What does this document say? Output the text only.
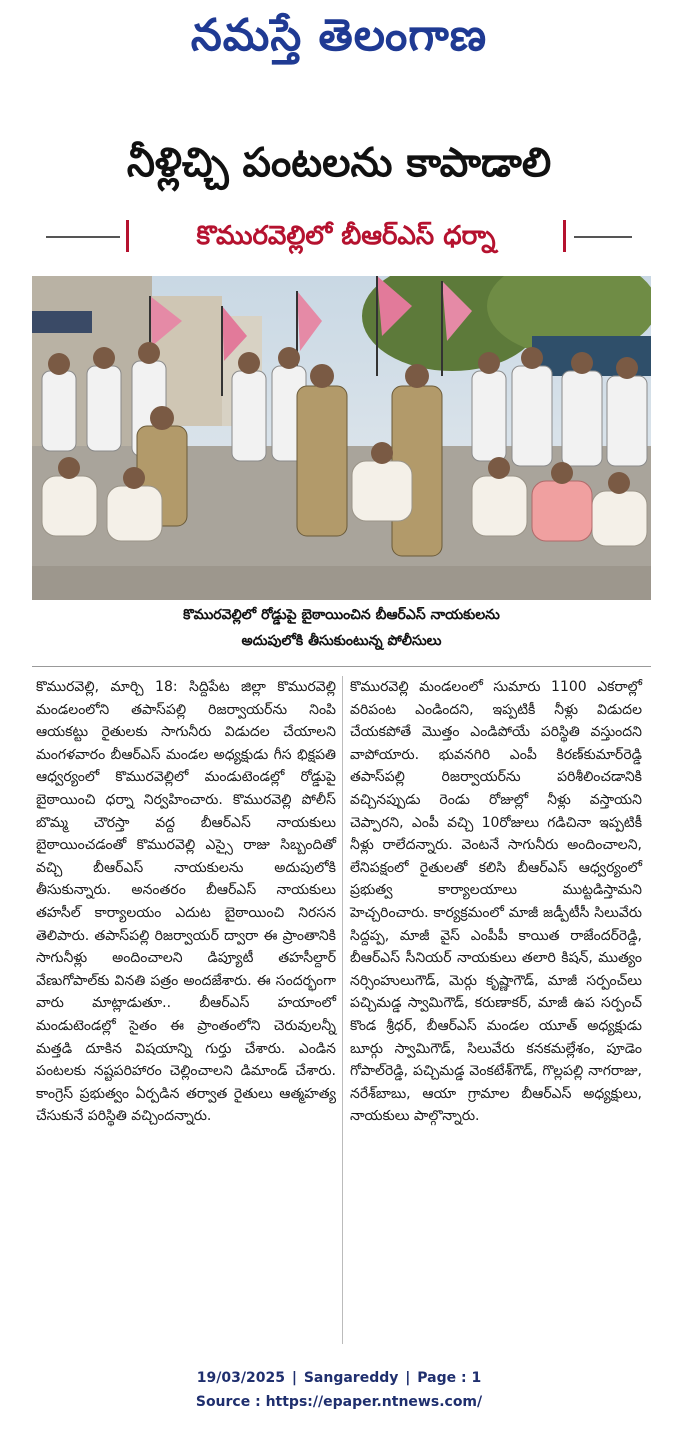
నమస్తే తెలంగాణ
నీళ్లిచ్చి పంటలను కాపాడాలి
కొమురవెల్లిలో బీఆర్‌ఎస్ ధర్నా
కొమురవెల్లిలో రోడ్డుపై బైఠాయించిన బీఆర్‌ఎస్ నాయకులను
అదుపులోకి తీసుకుంటున్న పోలీసులు
కొమురవెల్లి, మార్చి 18: సిద్దిపేట జిల్లా కొమురవెల్లి మండలంలోని తపాస్‌పల్లి రిజర్వాయర్‌ను నింపి ఆయకట్టు రైతులకు సాగునీరు విడుదల చేయాలని మంగళవారం బీఆర్‌ఎస్ మండల అధ్యక్షుడు గీస భిక్షపతి ఆధ్వర్యంలో కొమురవెల్లిలో మండుటెండల్లో రోడ్డుపై బైఠాయించి ధర్నా నిర్వహించారు. కొమురవెల్లి పోలీస్ బొమ్మ చౌరస్తా వద్ద బీఆర్‌ఎస్ నాయకులు బైఠాయించడంతో కొమురవెల్లి ఎస్సై రాజు సిబ్బందితో వచ్చి బీఆర్‌ఎస్ నాయకులను అదుపులోకి తీసుకున్నారు. అనంతరం బీఆర్‌ఎస్ నాయకులు తహసీల్ కార్యాలయం ఎదుట బైఠాయించి నిరసన తెలిపారు. తపాస్‌పల్లి రిజర్వాయర్ ద్వారా ఈ ప్రాంతానికి సాగునీళ్లు అందించాలని డిప్యూటీ తహసీల్దార్ వేణుగోపాల్‌కు వినతి పత్రం అందజేశారు. ఈ సందర్భంగా వారు మాట్లాడుతూ.. బీఆర్‌ఎస్ హయాంలో మండుటెండల్లో సైతం ఈ ప్రాంతంలోని చెరువులన్నీ మత్తడి దూకిన విషయాన్ని గుర్తు చేశారు. ఎండిన పంటలకు నష్టపరిహారం చెల్లించాలని డిమాండ్ చేశారు. కాంగ్రెస్ ప్రభుత్వం ఏర్పడిన తర్వాత రైతులు ఆత్మహత్య చేసుకునే పరిస్థితి వచ్చిందన్నారు.
కొమురవెల్లి మండలంలో సుమారు 1100 ఎకరాల్లో వరిపంట ఎండిందని, ఇప్పటికీ నీళ్లు విడుదల చేయకపోతే మొత్తం ఎండిపోయే పరిస్థితి వస్తుందని వాపోయారు. భువనగిరి ఎంపీ కిరణ్‌కుమార్‌రెడ్డి తపాస్‌పల్లి రిజర్వాయర్‌ను పరిశీలించడానికి వచ్చినప్పుడు రెండు రోజుల్లో నీళ్లు వస్తాయని చెప్పారని, ఎంపీ వచ్చి 10రోజులు గడిచినా ఇప్పటికీ నీళ్లు రాలేదన్నారు. వెంటనే సాగునీరు అందించాలని, లేనిపక్షంలో రైతులతో కలిసి బీఆర్‌ఎస్ ఆధ్వర్యంలో ప్రభుత్వ కార్యాలయాలు ముట్టడిస్తామని హెచ్చరించారు. కార్యక్రమంలో మాజీ జడ్పీటీసీ సిలువేరు సిద్దప్ప, మాజీ వైస్ ఎంపీపీ కాయిత రాజేందర్‌రెడ్డి, బీఆర్‌ఎస్ సీనియర్ నాయకులు తలారి కిషన్, ముత్యం నర్సింహులుగౌడ్, మెర్గు కృష్ణాగౌడ్, మాజీ సర్పంచ్‌లు పచ్చిమడ్డ స్వామిగౌడ్, కరుణాకర్, మాజీ ఉప సర్పంచ్ కొండ శ్రీధర్, బీఆర్‌ఎస్ మండల యూత్ అధ్యక్షుడు బూర్గు స్వామిగౌడ్, సిలువేరు కనకమల్లేశం, పూడెం గోపాల్‌రెడ్డి, పచ్చిమడ్డ వెంకటేశ్‌గౌడ్, గొల్లపల్లి నాగరాజు, నరేశ్‌బాబు, ఆయా గ్రామాల బీఆర్‌ఎస్ అధ్యక్షులు, నాయకులు పాల్గొన్నారు.
19/03/2025 | Sangareddy | Page : 1
Source : https://epaper.ntnews.com/
